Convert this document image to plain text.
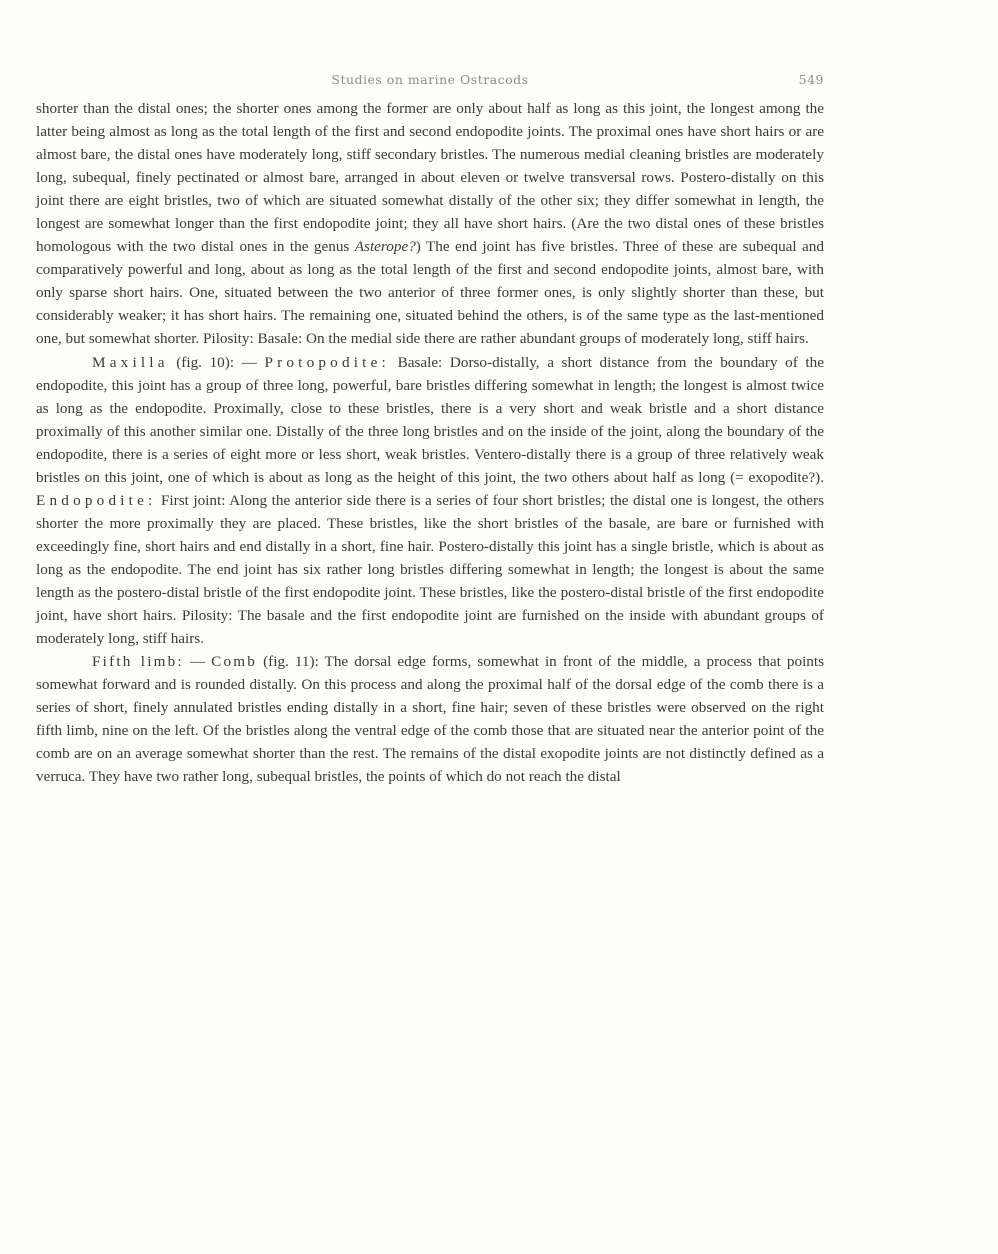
Studies on marine Ostracods	549

shorter than the distal ones; the shorter ones among the former are only about half as long as this joint, the longest among the latter being almost as long as the total length of the first and second endopodite joints. The proximal ones have short hairs or are almost bare, the distal ones have moderately long, stiff secondary bristles. The numerous medial cleaning bristles are moderately long, subequal, finely pectinated or almost bare, arranged in about eleven or twelve transversal rows. Postero-distally on this joint there are eight bristles, two of which are situated somewhat distally of the other six; they differ somewhat in length, the longest are somewhat longer than the first endopodite joint; they all have short hairs. (Are the two distal ones of these bristles homologous with the two distal ones in the genus Asterope?) The end joint has five bristles. Three of these are subequal and comparatively powerful and long, about as long as the total length of the first and second endopodite joints, almost bare, with only sparse short hairs. One, situated between the two anterior of three former ones, is only slightly shorter than these, but considerably weaker; it has short hairs. The remaining one, situated behind the others, is of the same type as the last-mentioned one, but somewhat shorter. Pilosity: Basale: On the medial side there are rather abundant groups of moderately long, stiff hairs.

Maxilla (fig. 10): — Protopodite: Basale: Dorso-distally, a short distance from the boundary of the endopodite, this joint has a group of three long, powerful, bare bristles differing somewhat in length; the longest is almost twice as long as the endopodite. Proximally, close to these bristles, there is a very short and weak bristle and a short distance proximally of this another similar one. Distally of the three long bristles and on the inside of the joint, along the boundary of the endopodite, there is a series of eight more or less short, weak bristles. Ventero-distally there is a group of three relatively weak bristles on this joint, one of which is about as long as the height of this joint, the two others about half as long (= exopodite?). Endopodite: First joint: Along the anterior side there is a series of four short bristles; the distal one is longest, the others shorter the more proximally they are placed. These bristles, like the short bristles of the basale, are bare or furnished with exceedingly fine, short hairs and end distally in a short, fine hair. Postero-distally this joint has a single bristle, which is about as long as the endopodite. The end joint has six rather long bristles differing somewhat in length; the longest is about the same length as the postero-distal bristle of the first endopodite joint. These bristles, like the postero-distal bristle of the first endopodite joint, have short hairs. Pilosity: The basale and the first endopodite joint are furnished on the inside with abundant groups of moderately long, stiff hairs.

Fifth limb: — Comb (fig. 11): The dorsal edge forms, somewhat in front of the middle, a process that points somewhat forward and is rounded distally. On this process and along the proximal half of the dorsal edge of the comb there is a series of short, finely annulated bristles ending distally in a short, fine hair; seven of these bristles were observed on the right fifth limb, nine on the left. Of the bristles along the ventral edge of the comb those that are situated near the anterior point of the comb are on an average somewhat shorter than the rest. The remains of the distal exopodite joints are not distinctly defined as a verruca. They have two rather long, subequal bristles, the points of which do not reach the distal
